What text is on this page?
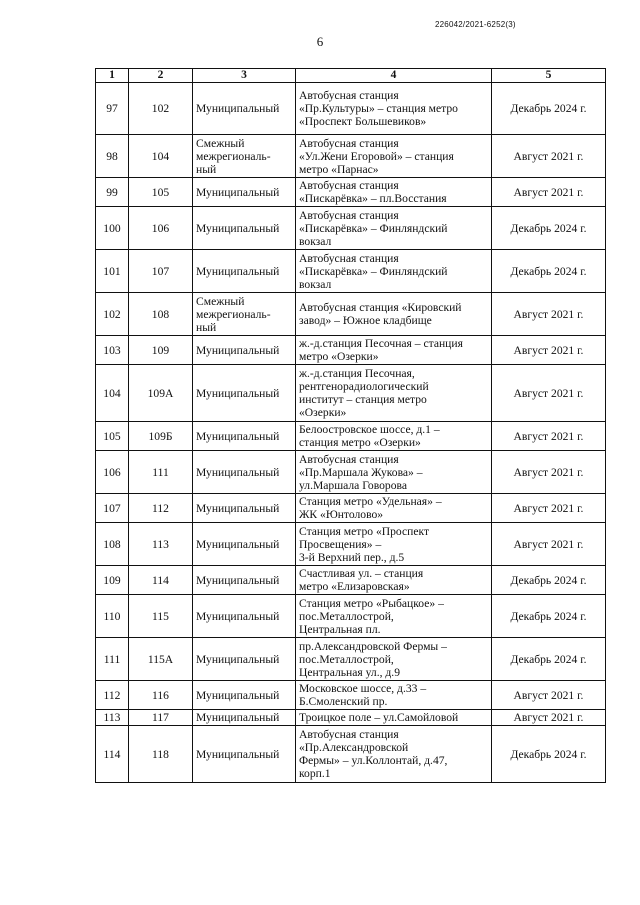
226042/2021-6252(3)
6
1	2	3	4	5
97	102	Муниципальный	Автобусная станция
«Пр.Культуры» – станция метро
«Проспект Большевиков»	Декабрь 2024 г.
98	104	Смежный
межрегиональ-
ный	Автобусная станция
«Ул.Жени Егоровой» – станция
метро «Парнас»	Август 2021 г.
99	105	Муниципальный	Автобусная станция
«Пискарёвка» – пл.Восстания	Август 2021 г.
100	106	Муниципальный	Автобусная станция
«Пискарёвка» – Финляндский
вокзал	Декабрь 2024 г.
101	107	Муниципальный	Автобусная станция
«Пискарёвка» – Финляндский
вокзал	Декабрь 2024 г.
102	108	Смежный
межрегиональ-
ный	Автобусная станция «Кировский
завод» – Южное кладбище	Август 2021 г.
103	109	Муниципальный	ж.-д.станция Песочная – станция
метро «Озерки»	Август 2021 г.
104	109А	Муниципальный	ж.-д.станция Песочная,
рентгенорадиологический
институт – станция метро
«Озерки»	Август 2021 г.
105	109Б	Муниципальный	Белоостровское шоссе, д.1 –
станция метро «Озерки»	Август 2021 г.
106	111	Муниципальный	Автобусная станция
«Пр.Маршала Жукова» –
ул.Маршала Говорова	Август 2021 г.
107	112	Муниципальный	Станция метро «Удельная» –
ЖК «Юнтолово»	Август 2021 г.
108	113	Муниципальный	Станция метро «Проспект
Просвещения» –
3-й Верхний пер., д.5	Август 2021 г.
109	114	Муниципальный	Счастливая ул. – станция
метро «Елизаровская»	Декабрь 2024 г.
110	115	Муниципальный	Станция метро «Рыбацкое» –
пос.Металлострой,
Центральная пл.	Декабрь 2024 г.
111	115А	Муниципальный	пр.Александровской Фермы –
пос.Металлострой,
Центральная ул., д.9	Декабрь 2024 г.
112	116	Муниципальный	Московское шоссе, д.33 –
Б.Смоленский пр.	Август 2021 г.
113	117	Муниципальный	Троицкое поле – ул.Самойловой	Август 2021 г.
114	118	Муниципальный	Автобусная станция
«Пр.Александровской
Фермы» – ул.Коллонтай, д.47,
корп.1	Декабрь 2024 г.
